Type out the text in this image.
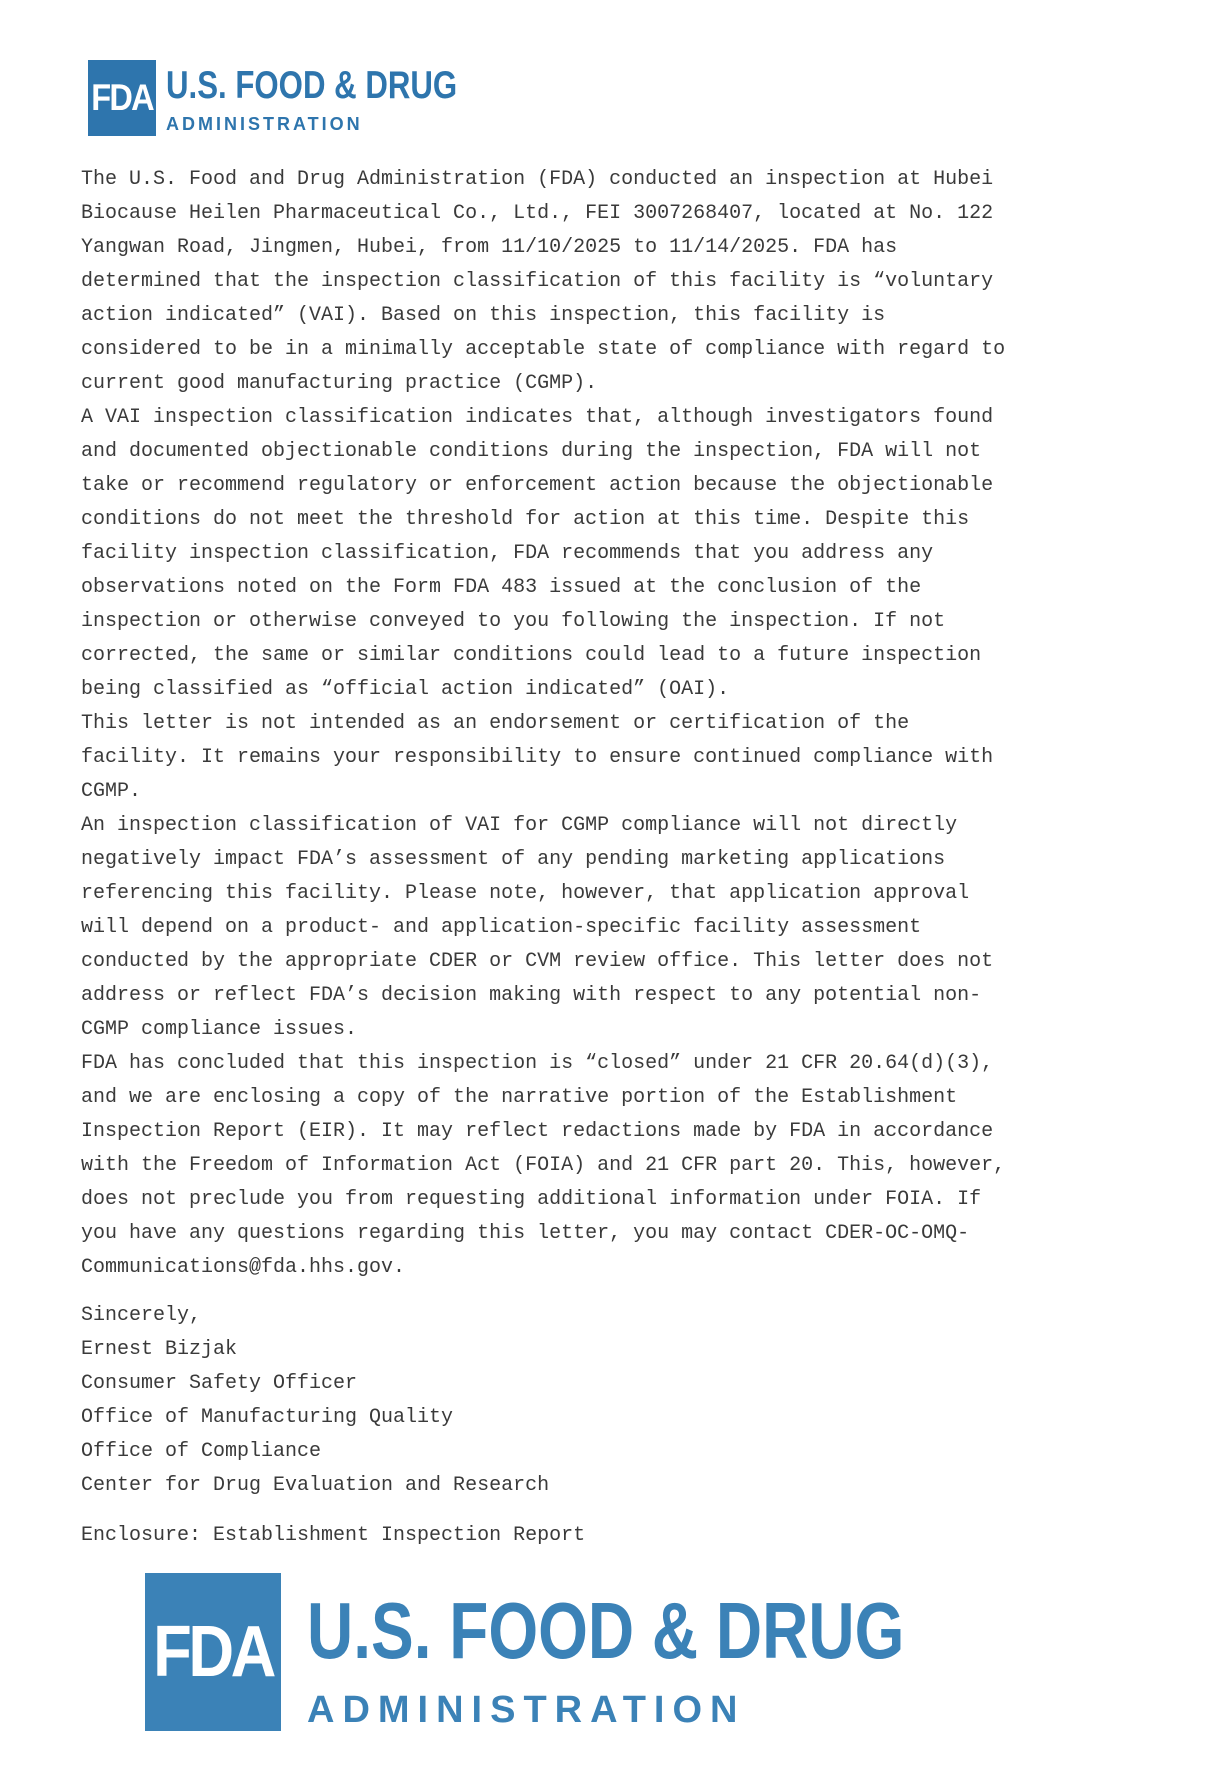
FDA U.S. FOOD & DRUG
ADMINISTRATION

The U.S. Food and Drug Administration (FDA) conducted an inspection at Hubei
Biocause Heilen Pharmaceutical Co., Ltd., FEI 3007268407, located at No. 122
Yangwan Road, Jingmen, Hubei, from 11/10/2025 to 11/14/2025. FDA has
determined that the inspection classification of this facility is “voluntary
action indicated” (VAI). Based on this inspection, this facility is
considered to be in a minimally acceptable state of compliance with regard to
current good manufacturing practice (CGMP).

A VAI inspection classification indicates that, although investigators found
and documented objectionable conditions during the inspection, FDA will not
take or recommend regulatory or enforcement action because the objectionable
conditions do not meet the threshold for action at this time. Despite this
facility inspection classification, FDA recommends that you address any
observations noted on the Form FDA 483 issued at the conclusion of the
inspection or otherwise conveyed to you following the inspection. If not
corrected, the same or similar conditions could lead to a future inspection
being classified as “official action indicated” (OAI).

This letter is not intended as an endorsement or certification of the
facility. It remains your responsibility to ensure continued compliance with
CGMP.

An inspection classification of VAI for CGMP compliance will not directly
negatively impact FDA’s assessment of any pending marketing applications
referencing this facility. Please note, however, that application approval
will depend on a product- and application-specific facility assessment
conducted by the appropriate CDER or CVM review office. This letter does not
address or reflect FDA’s decision making with respect to any potential non-
CGMP compliance issues.

FDA has concluded that this inspection is “closed” under 21 CFR 20.64(d)(3),
and we are enclosing a copy of the narrative portion of the Establishment
Inspection Report (EIR). It may reflect redactions made by FDA in accordance
with the Freedom of Information Act (FOIA) and 21 CFR part 20. This, however,
does not preclude you from requesting additional information under FOIA. If
you have any questions regarding this letter, you may contact CDER-OC-OMQ-
Communications@fda.hhs.gov.

Sincerely,
Ernest Bizjak
Consumer Safety Officer
Office of Manufacturing Quality
Office of Compliance
Center for Drug Evaluation and Research
Enclosure: Establishment Inspection Report
FDA U.S. FOOD & DRUG
ADMINISTRATION
